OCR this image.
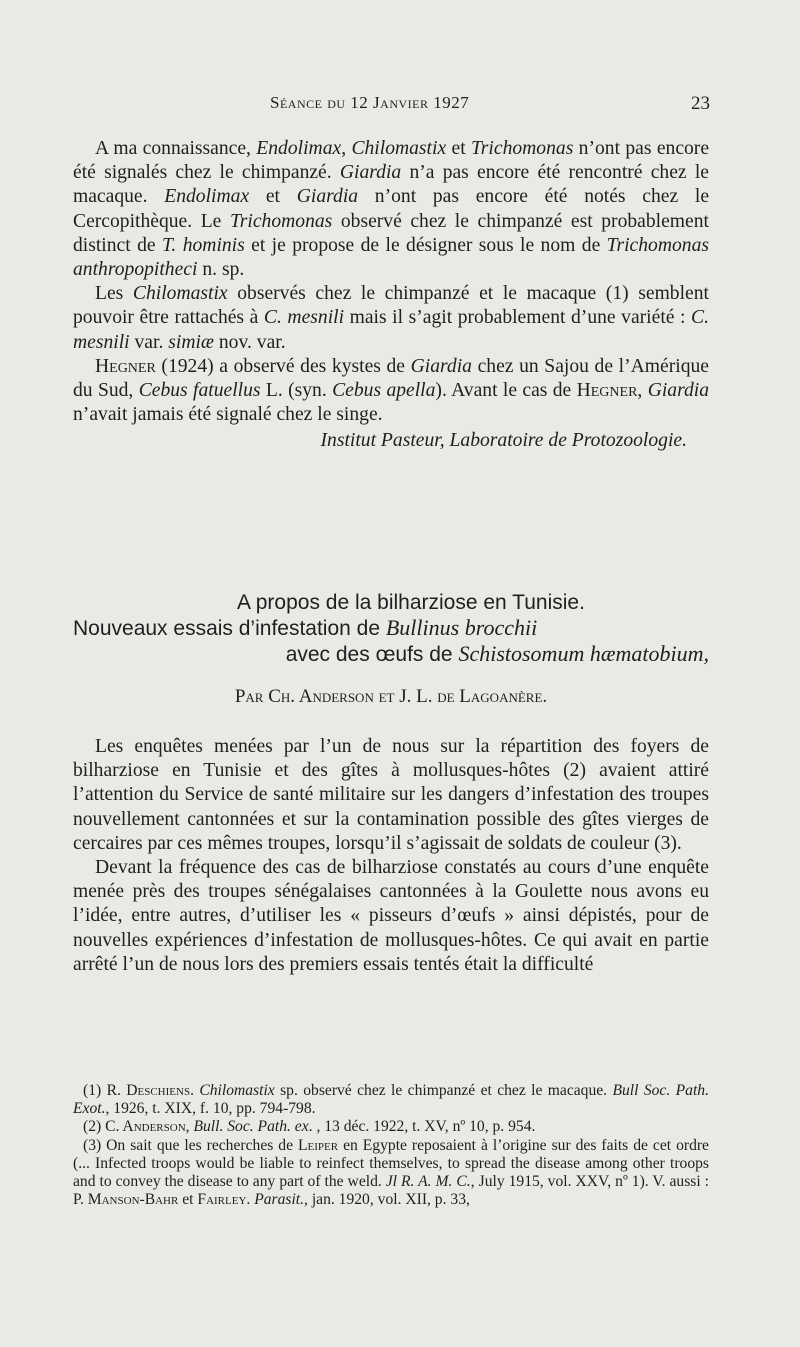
Séance du 12 Janvier 1927	23

A ma connaissance, Endolimax, Chilomastix et Trichomonas n’ont pas encore été signalés chez le chimpanzé. Giardia n’a pas encore été rencontré chez le macaque. Endolimax et Giardia n’ont pas encore été notés chez le Cercopithèque. Le Trichomonas observé chez le chimpanzé est probablement distinct de T. hominis et je propose de le désigner sous le nom de Trichomonas anthropopitheci n. sp.

Les Chilomastix observés chez le chimpanzé et le macaque (1) semblent pouvoir être rattachés à C. mesnili mais il s’agit probablement d’une variété : C. mesnili var. simiæ nov. var.

Hegner (1924) a observé des kystes de Giardia chez un Sajou de l’Amérique du Sud, Cebus fatuellus L. (syn. Cebus apella). Avant le cas de Hegner, Giardia n’avait jamais été signalé chez le singe.

Institut Pasteur, Laboratoire de Protozoologie.
A propos de la bilharziose en Tunisie.
Nouveaux essais d’infestation de Bullinus brocchii
avec des œufs de Schistosomum hæmatobium,
Par Ch. Anderson et J. L. de Lagoanère.

Les enquêtes menées par l’un de nous sur la répartition des foyers de bilharziose en Tunisie et des gîtes à mollusques-hôtes (2) avaient attiré l’attention du Service de santé militaire sur les dangers d’infestation des troupes nouvellement cantonnées et sur la contamination possible des gîtes vierges de cercaires par ces mêmes troupes, lorsqu’il s’agissait de soldats de couleur (3).

Devant la fréquence des cas de bilharziose constatés au cours d’une enquête menée près des troupes sénégalaises cantonnées à la Goulette nous avons eu l’idée, entre autres, d’utiliser les « pisseurs d’œufs » ainsi dépistés, pour de nouvelles expériences d’infestation de mollusques-hôtes. Ce qui avait en partie arrêté l’un de nous lors des premiers essais tentés était la difficulté

(1) R. Deschiens. Chilomastix sp. observé chez le chimpanzé et chez le macaque. Bull Soc. Path. Exot., 1926, t. XIX, f. 10, pp. 794-798.

(2) C. Anderson, Bull. Soc. Path. ex. , 13 déc. 1922, t. XV, nº 10, p. 954.

(3) On sait que les recherches de Leiper en Egypte reposaient à l’origine sur des faits de cet ordre (... Infected troops would be liable to reinfect themselves, to spread the disease among other troops and to convey the disease to any part of the weld. Jl R. A. M. C., July 1915, vol. XXV, nº 1). V. aussi : P. Manson-Bahr et Fairley. Parasit., jan. 1920, vol. XII, p. 33,
